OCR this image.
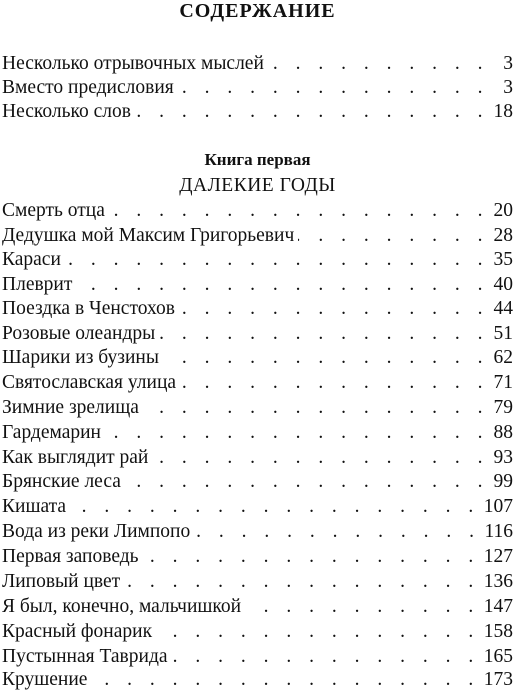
СОДЕРЖАНИЕ
Несколько отрывочных мыслей . . .	3
Вместо предисловия . . .	3
Несколько слов . . .	18
Книга первая
ДАЛЕКИЕ ГОДЫ
Смерть отца . . .	20
Дедушка мой Максим Григорьевич . . .	28
Караси . . .	35
Плеврит . . .	40
Поездка в Ченстохов . . .	44
Розовые олеандры . . .	51
Шарики из бузины . . .	62
Святославская улица . . .	71
Зимние зрелища . . .	79
Гардемарин . . .	88
Как выглядит рай . . .	93
Брянские леса . . .	99
Кишата . . .	107
Вода из реки Лимпопо . . .	116
Первая заповедь . . .	127
Липовый цвет . . .	136
Я был, конечно, мальчишкой . . .	147
Красный фонарик . . .	158
Пустынная Таврида . . .	165
Крушение . . .	173
